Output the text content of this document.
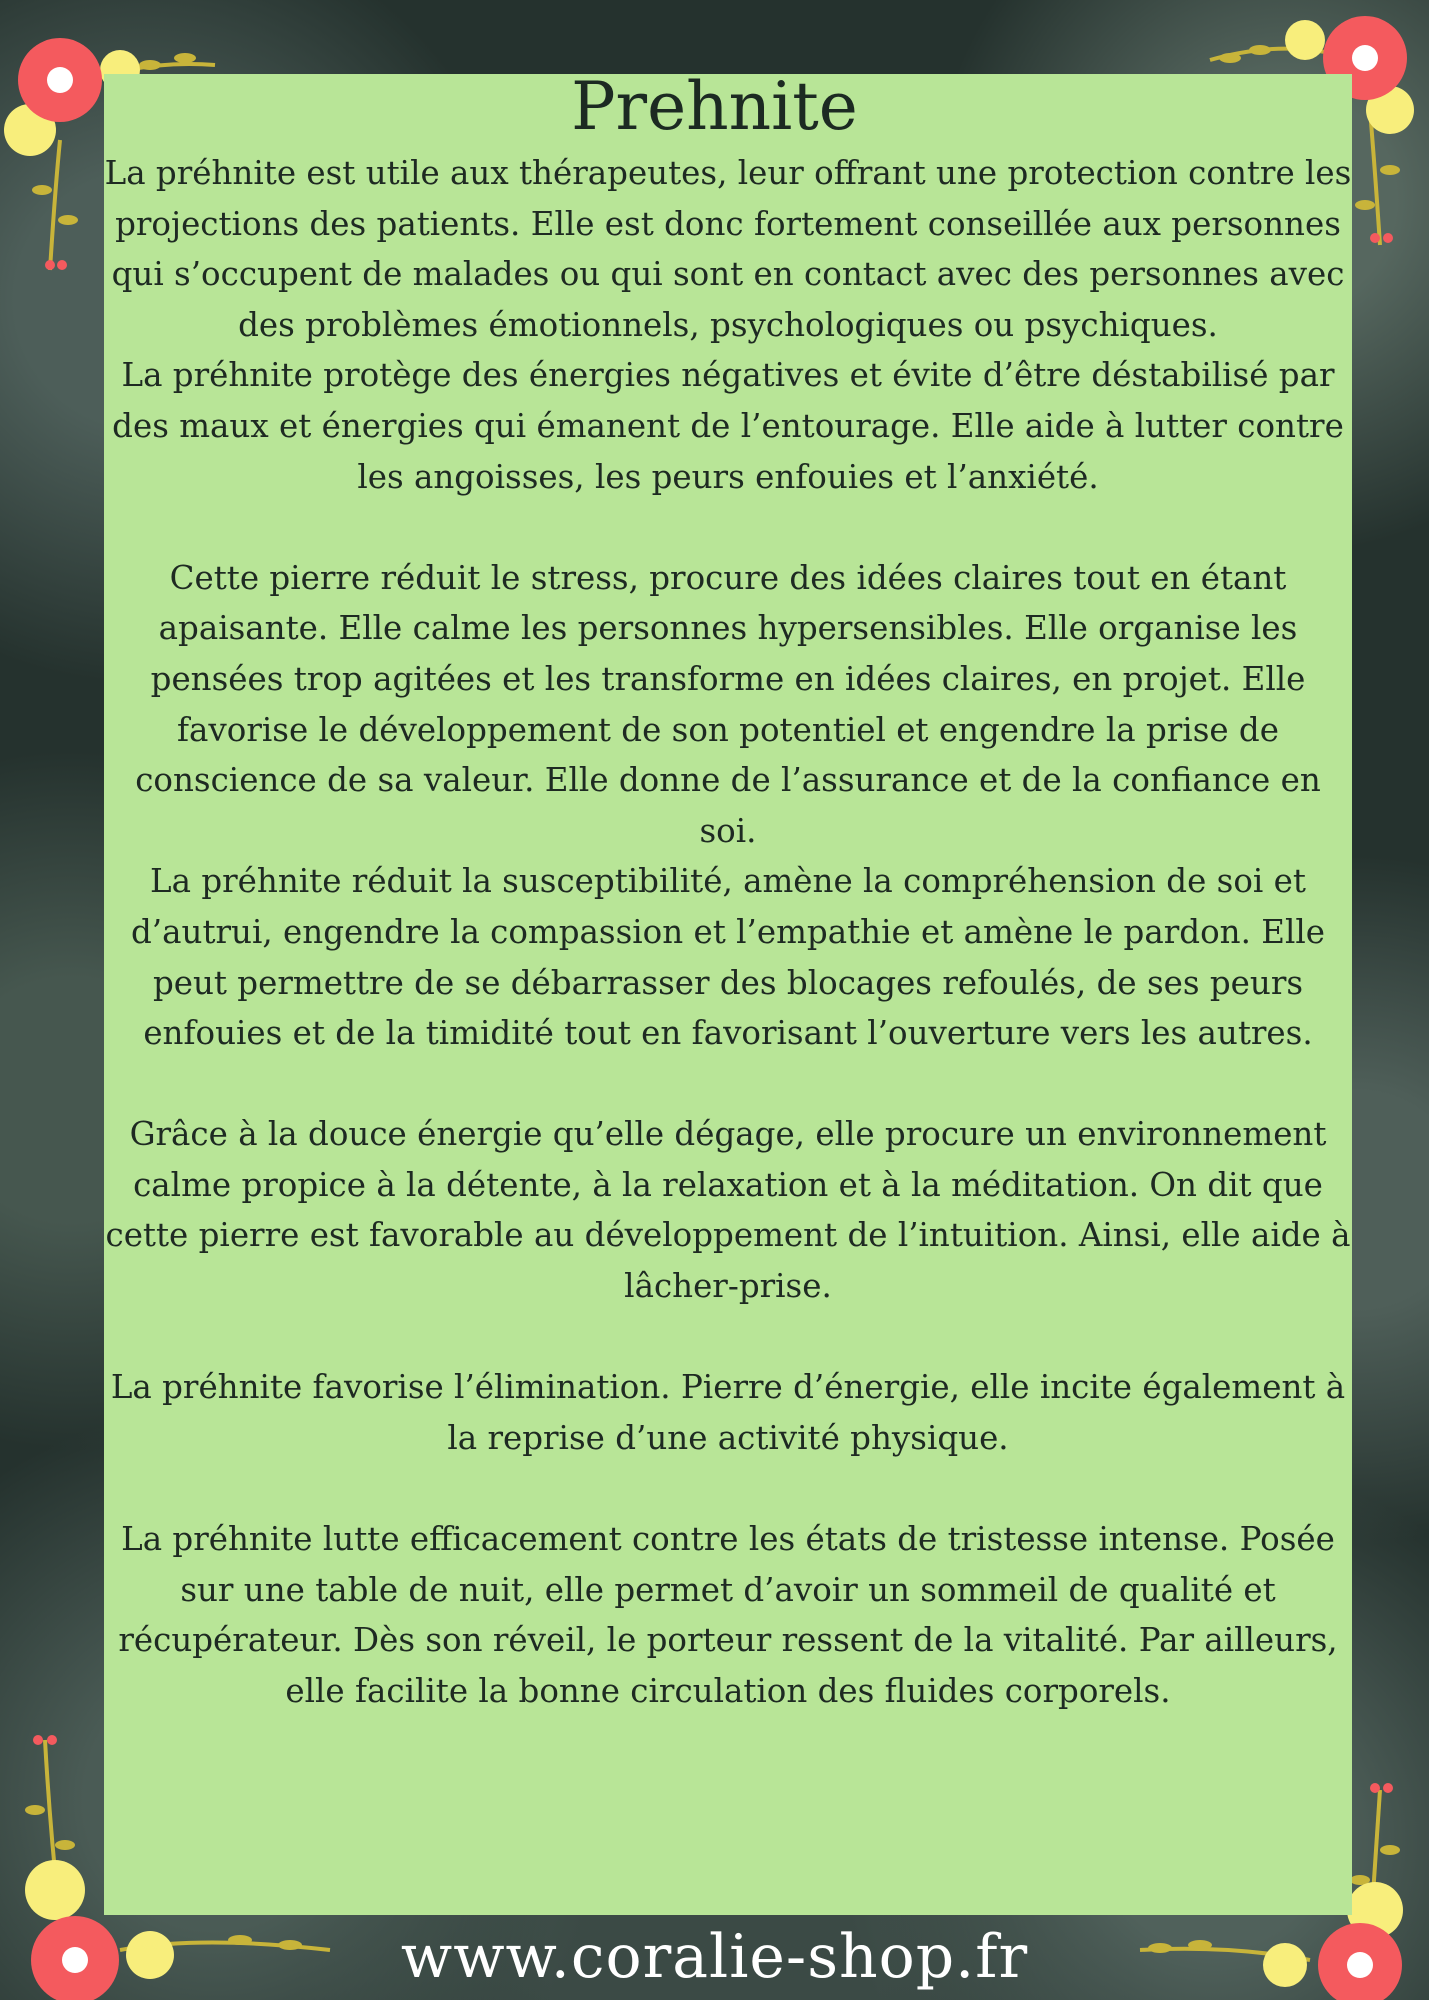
Prehnite

La préhnite est utile aux thérapeutes, leur offrant une protection contre les projections des patients. Elle est donc fortement conseillée aux personnes qui s’occupent de malades ou qui sont en contact avec des personnes avec des problèmes émotionnels, psychologiques ou psychiques.

La préhnite protège des énergies négatives et évite d’être déstabilisé par des maux et énergies qui émanent de l’entourage. Elle aide à lutter contre les angoisses, les peurs enfouies et l’anxiété.

Cette pierre réduit le stress, procure des idées claires tout en étant apaisante. Elle calme les personnes hypersensibles. Elle organise les pensées trop agitées et les transforme en idées claires, en projet. Elle favorise le développement de son potentiel et engendre la prise de conscience de sa valeur. Elle donne de l’assurance et de la confiance en soi.

La préhnite réduit la susceptibilité, amène la compréhension de soi et d’autrui, engendre la compassion et l’empathie et amène le pardon. Elle peut permettre de se débarrasser des blocages refoulés, de ses peurs enfouies et de la timidité tout en favorisant l’ouverture vers les autres.

Grâce à la douce énergie qu’elle dégage, elle procure un environnement calme propice à la détente, à la relaxation et à la méditation. On dit que cette pierre est favorable au développement de l’intuition. Ainsi, elle aide à lâcher-prise.

La préhnite favorise l’élimination. Pierre d’énergie, elle incite également à la reprise d’une activité physique.

La préhnite lutte efficacement contre les états de tristesse intense. Posée sur une table de nuit, elle permet d’avoir un sommeil de qualité et récupérateur. Dès son réveil, le porteur ressent de la vitalité. Par ailleurs, elle facilite la bonne circulation des fluides corporels.

www.coralie-shop.fr
